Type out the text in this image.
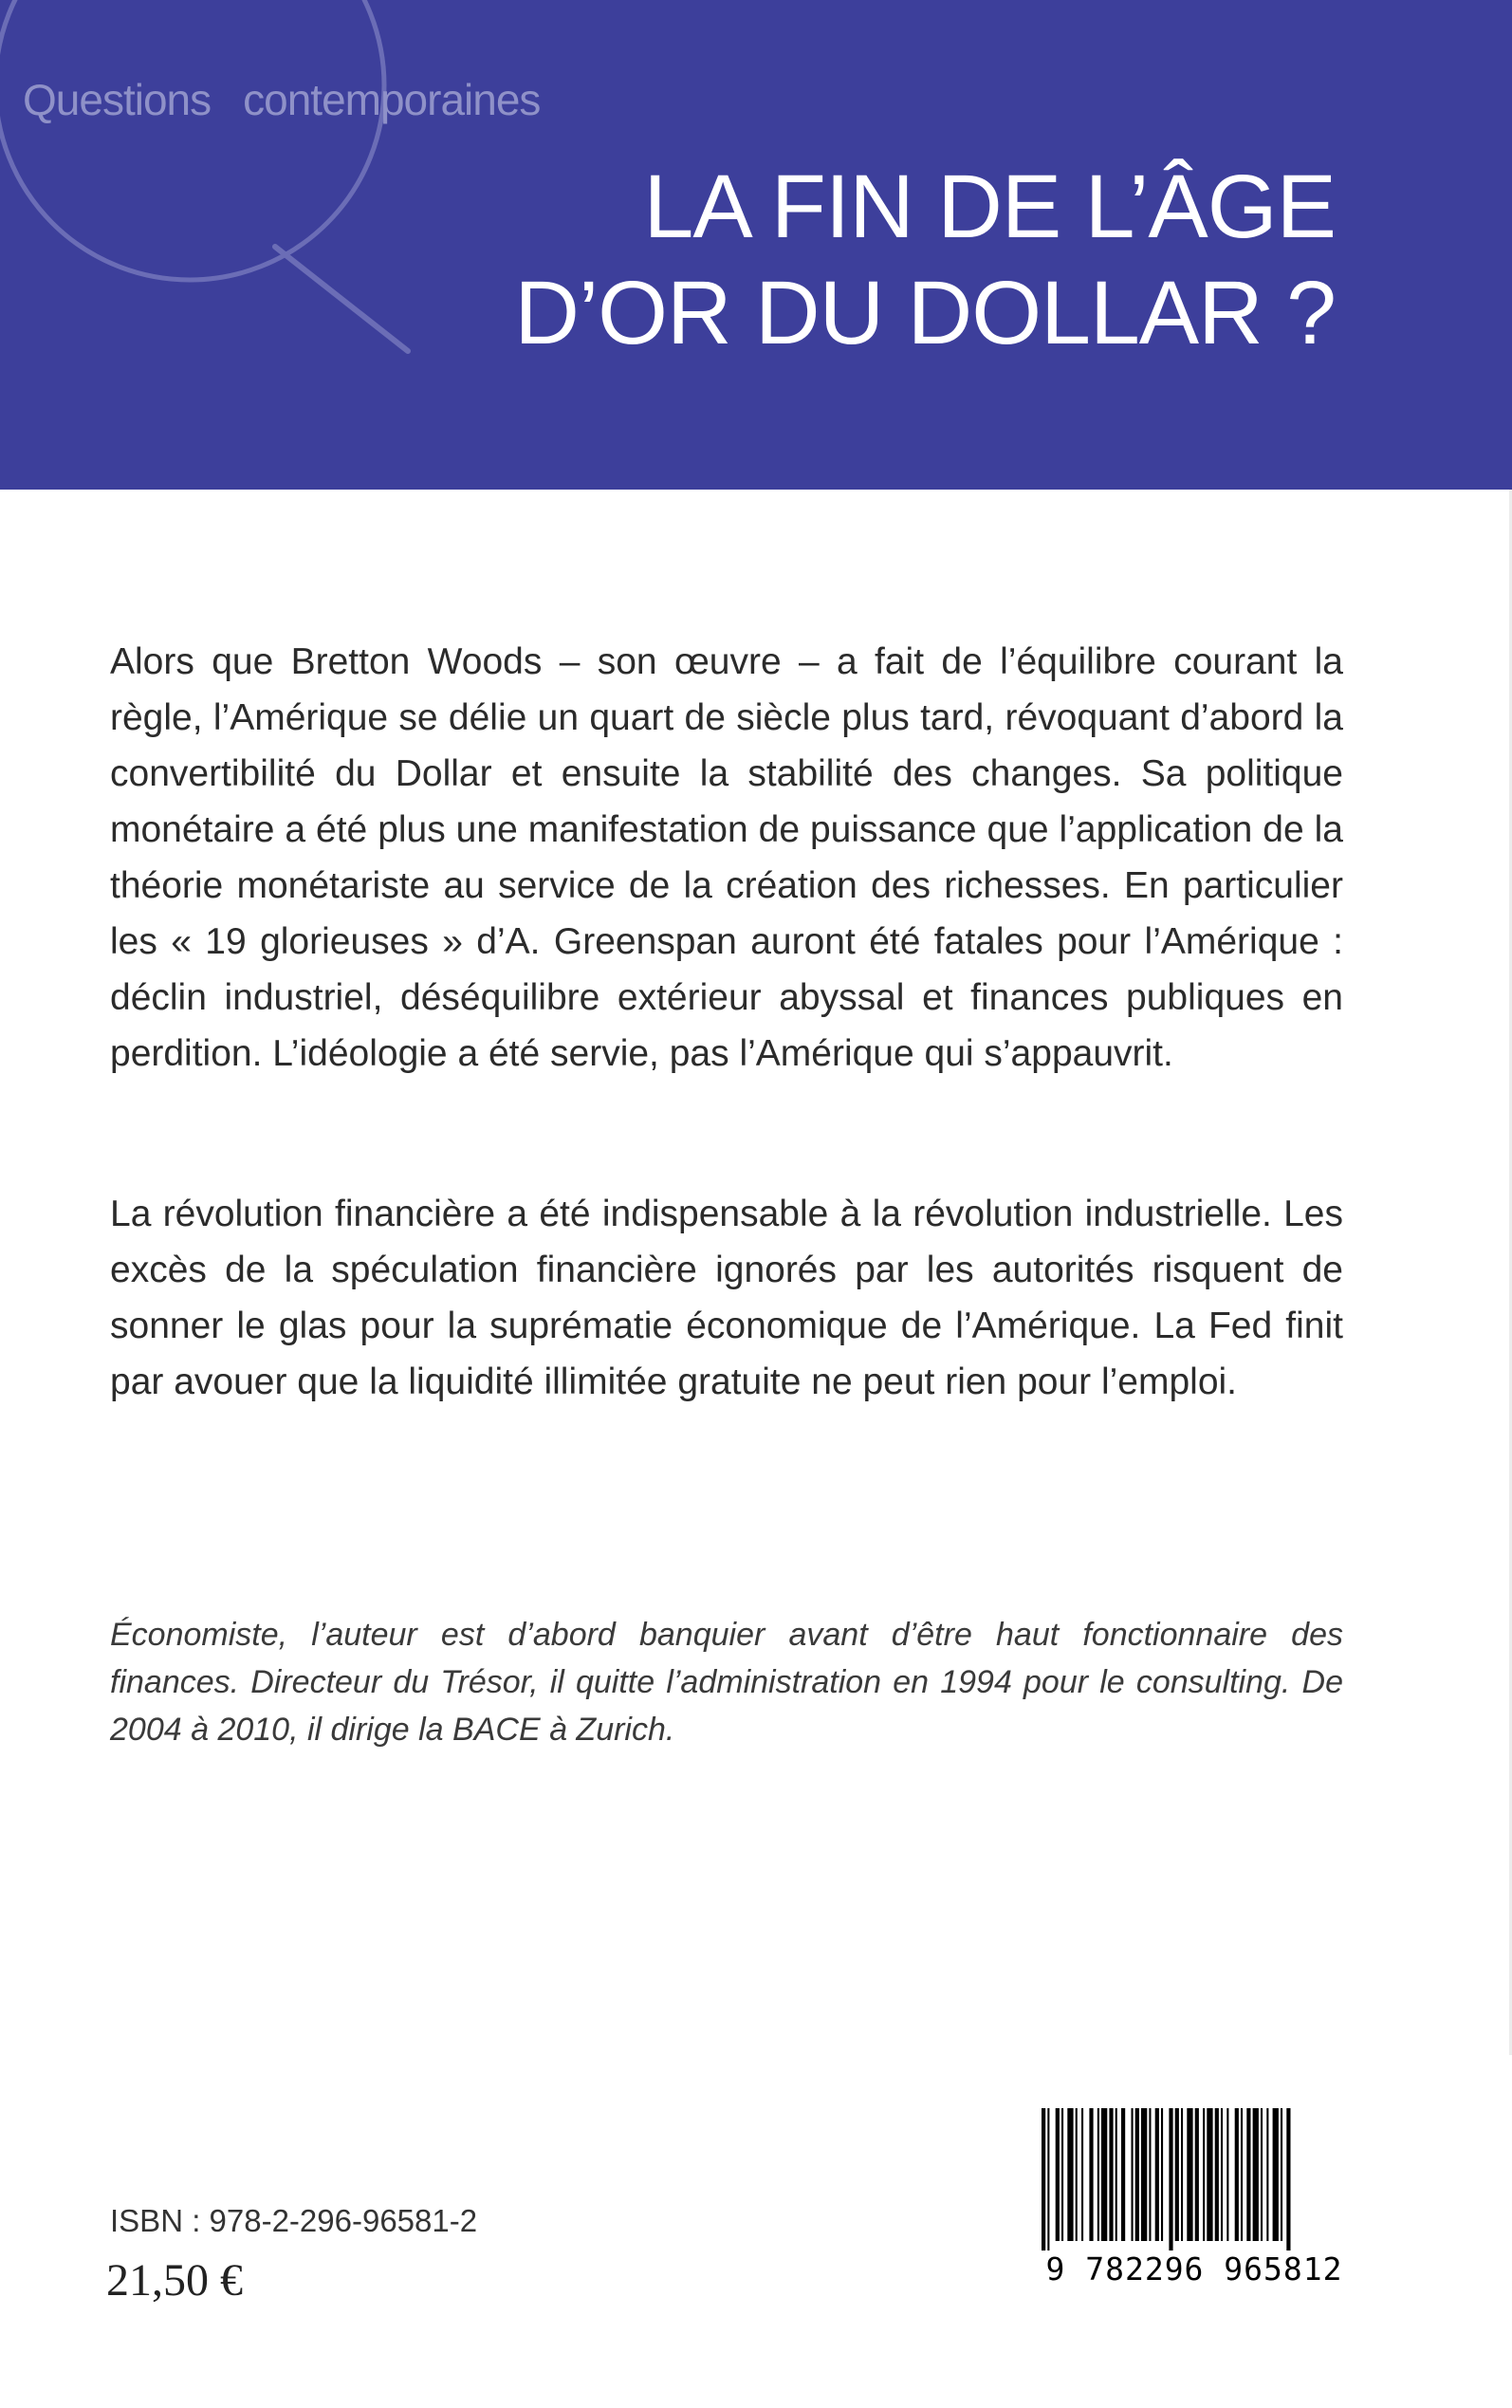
Questions contemporaines
LA FIN DE L’ÂGE
D’OR DU DOLLAR ?

Alors que Bretton Woods – son œuvre – a fait de l’équilibre courant la règle, l’Amérique se délie un quart de siècle plus tard, révoquant d’abord la convertibilité du Dollar et ensuite la stabilité des changes. Sa politique monétaire a été plus une manifestation de puissance que l’application de la théorie monétariste au service de la création des richesses. En particulier les « 19 glorieuses » d’A. Greenspan auront été fatales pour l’Amérique : déclin industriel, déséquilibre extérieur abyssal et finances publiques en perdition. L’idéologie a été servie, pas l’Amérique qui s’appauvrit.

La révolution financière a été indispensable à la révolution industrielle. Les excès de la spéculation financière ignorés par les autorités risquent de sonner le glas pour la suprématie économique de l’Amérique. La Fed finit par avouer que la liquidité illimitée gratuite ne peut rien pour l’emploi.

Économiste, l’auteur est d’abord banquier avant d’être haut fonctionnaire des finances. Directeur du Trésor, il quitte l’administration en 1994 pour le consulting. De 2004 à 2010, il dirige la BACE à Zurich.

ISBN : 978-2-296-96581-2
21,50 €	9 782296 965812
